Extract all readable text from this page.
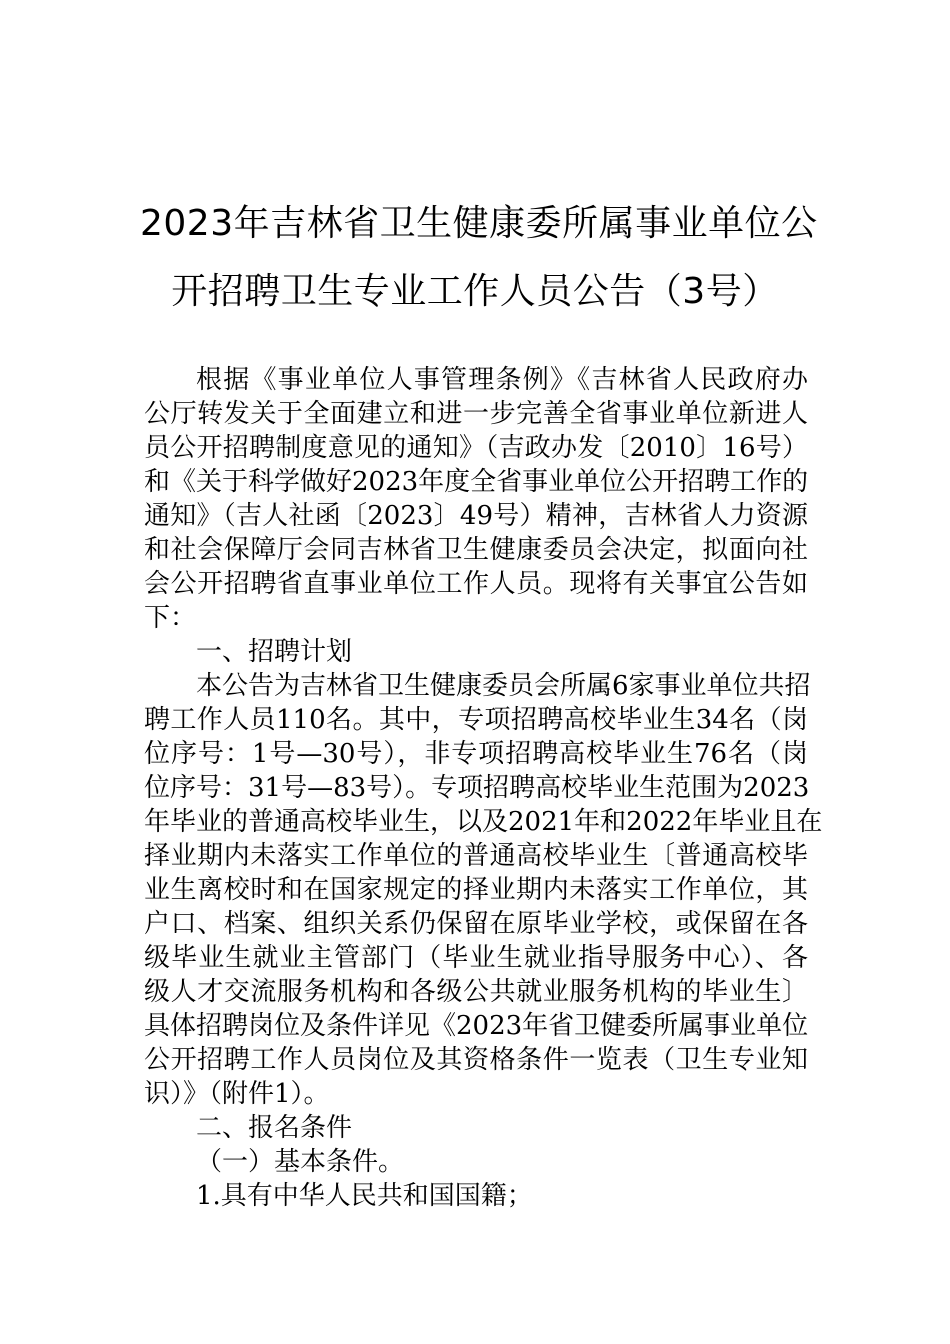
2023年吉林省卫生健康委所属事业单位公
开招聘卫生专业工作人员公告（3号）
根据《事业单位人事管理条例》《吉林省人民政府办
公厅转发关于全面建立和进一步完善全省事业单位新进人
员公开招聘制度意见的通知》（吉政办发〔2010〕16号）
和《关于科学做好2023年度全省事业单位公开招聘工作的
通知》（吉人社函〔2023〕49号）精神，吉林省人力资源
和社会保障厅会同吉林省卫生健康委员会决定，拟面向社
会公开招聘省直事业单位工作人员。现将有关事宜公告如
下：
一、招聘计划
本公告为吉林省卫生健康委员会所属6家事业单位共招
聘工作人员110名。其中，专项招聘高校毕业生34名（岗
位序号：1号—30号），非专项招聘高校毕业生76名（岗
位序号：31号—83号）。专项招聘高校毕业生范围为2023
年毕业的普通高校毕业生，以及2021年和2022年毕业且在
择业期内未落实工作单位的普通高校毕业生〔普通高校毕
业生离校时和在国家规定的择业期内未落实工作单位，其
户口、档案、组织关系仍保留在原毕业学校，或保留在各
级毕业生就业主管部门（毕业生就业指导服务中心）、各
级人才交流服务机构和各级公共就业服务机构的毕业生〕
具体招聘岗位及条件详见《2023年省卫健委所属事业单位
公开招聘工作人员岗位及其资格条件一览表（卫生专业知
识）》（附件1）。
二、报名条件
（一）基本条件。
1.具有中华人民共和国国籍；
